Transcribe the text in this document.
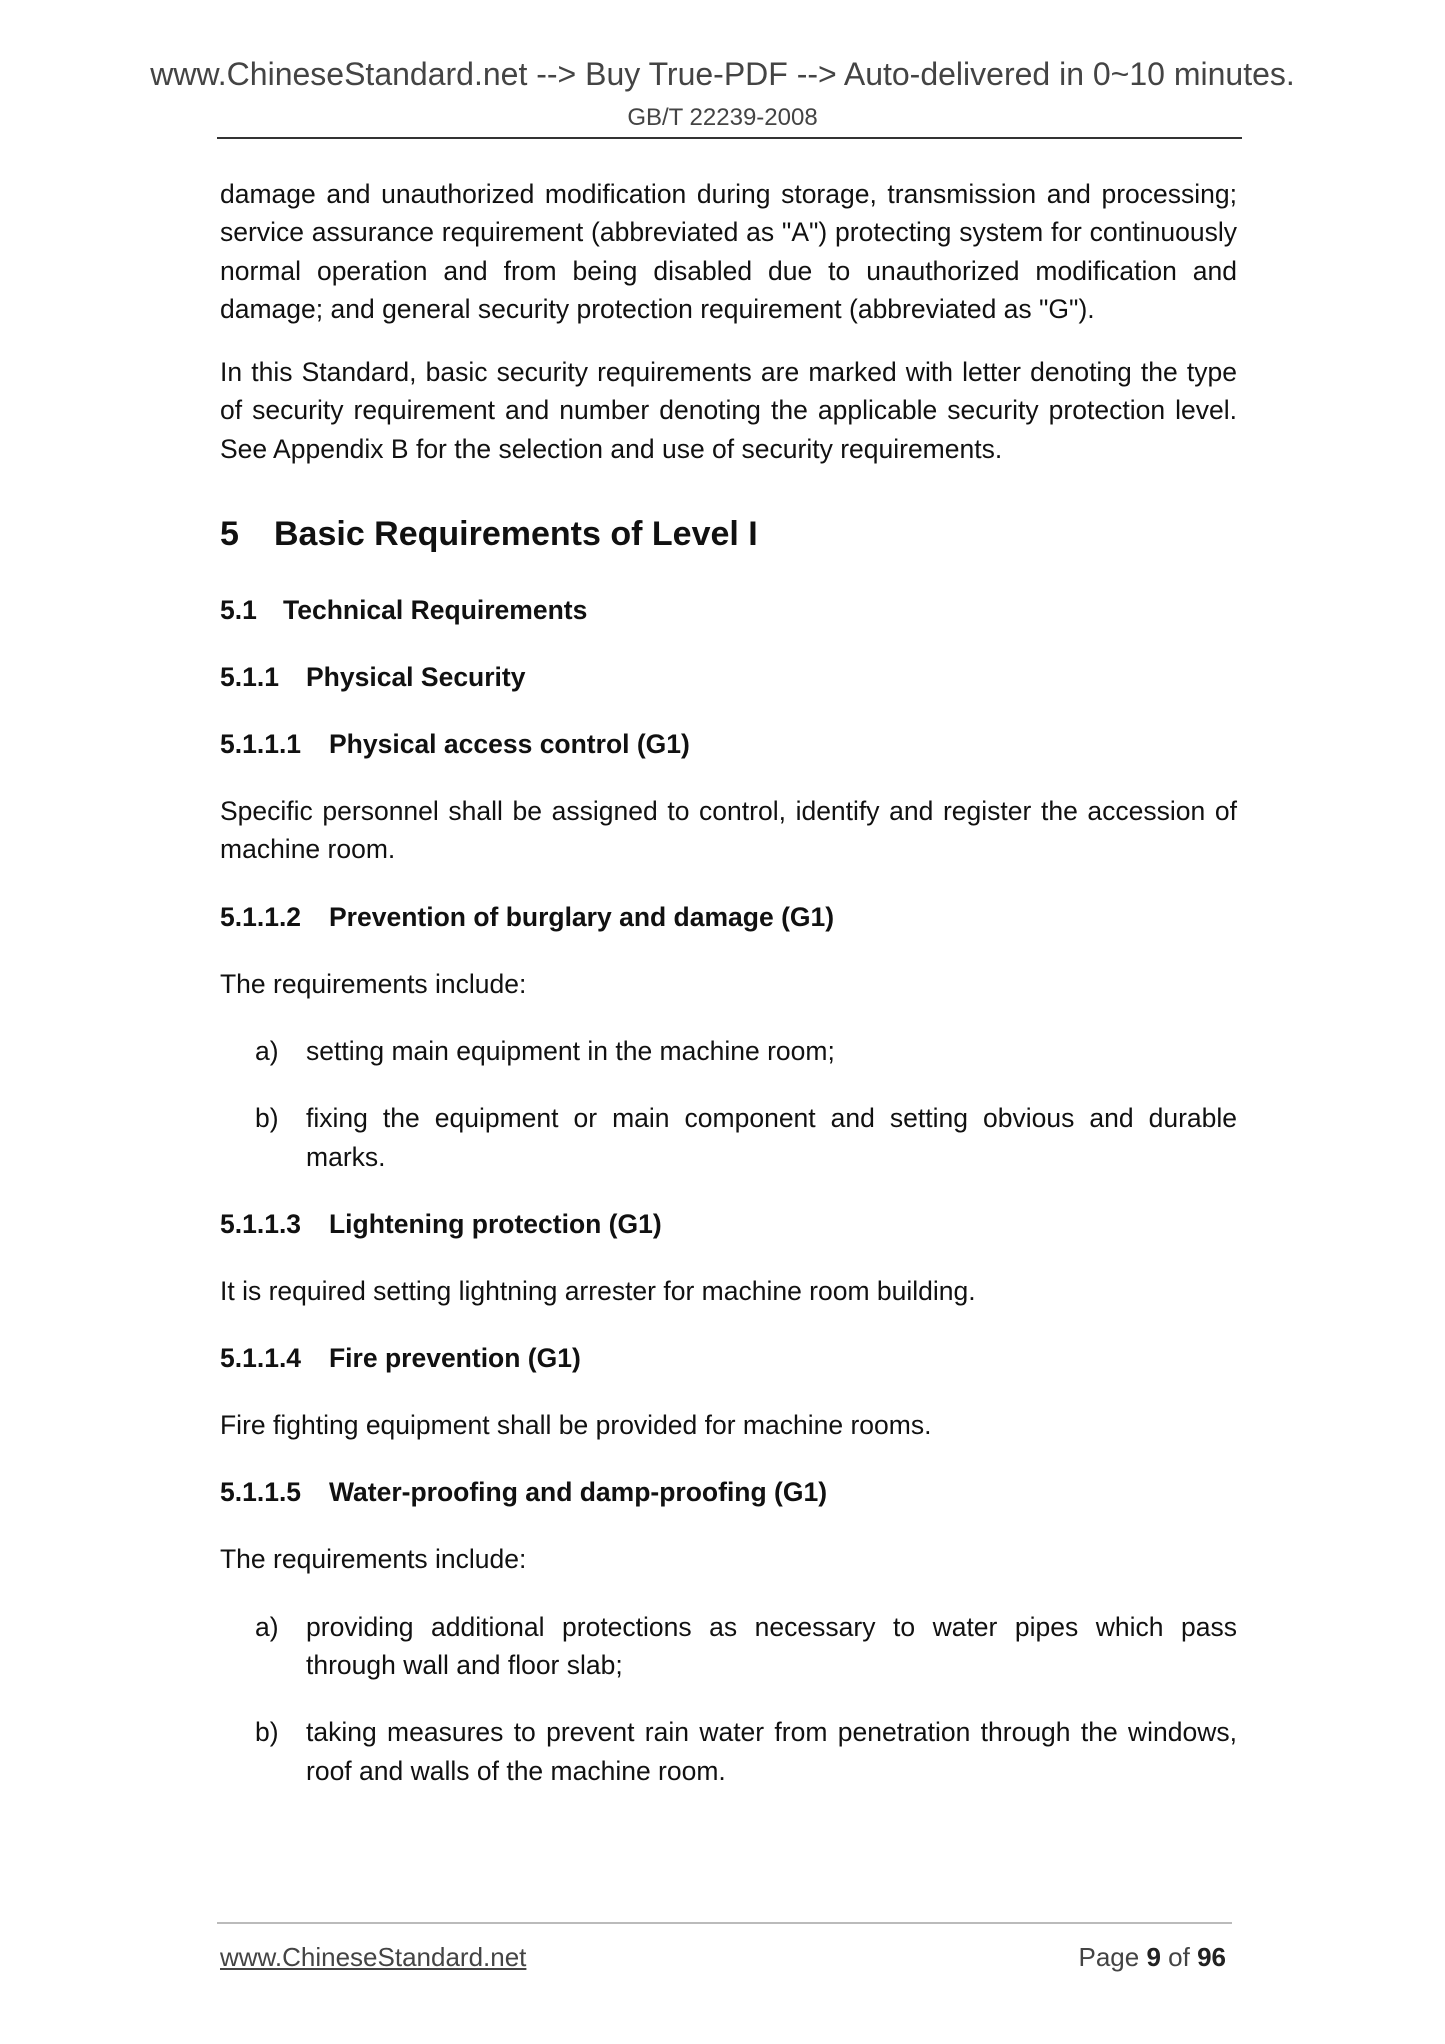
www.ChineseStandard.net --> Buy True-PDF --> Auto-delivered in 0~10 minutes.
GB/T 22239-2008

damage and unauthorized modification during storage, transmission and processing; service assurance requirement (abbreviated as "A") protecting system for continuously normal operation and from being disabled due to unauthorized modification and damage; and general security protection requirement (abbreviated as "G").

In this Standard, basic security requirements are marked with letter denoting the type of security requirement and number denoting the applicable security protection level. See Appendix B for the selection and use of security requirements.

5	Basic Requirements of Level I
5.1 Technical Requirements
5.1.1	Physical Security
5.1.1.1	Physical access control (G1)

Specific personnel shall be assigned to control, identify and register the accession of machine room.

5.1.1.2	Prevention of burglary and damage (G1)

The requirements include:

a)	setting main equipment in the machine room;
b)	fixing the equipment or main component and setting obvious and durable marks.
5.1.1.3	Lightening protection (G1)

It is required setting lightning arrester for machine room building.

5.1.1.4	Fire prevention (G1)

Fire fighting equipment shall be provided for machine rooms.

5.1.1.5	Water-proofing and damp-proofing (G1)

The requirements include:

a)	providing additional protections as necessary to water pipes which pass through wall and floor slab;
b)	taking measures to prevent rain water from penetration through the windows, roof and walls of the machine room.
www.ChineseStandard.net	Page 9 of 96
